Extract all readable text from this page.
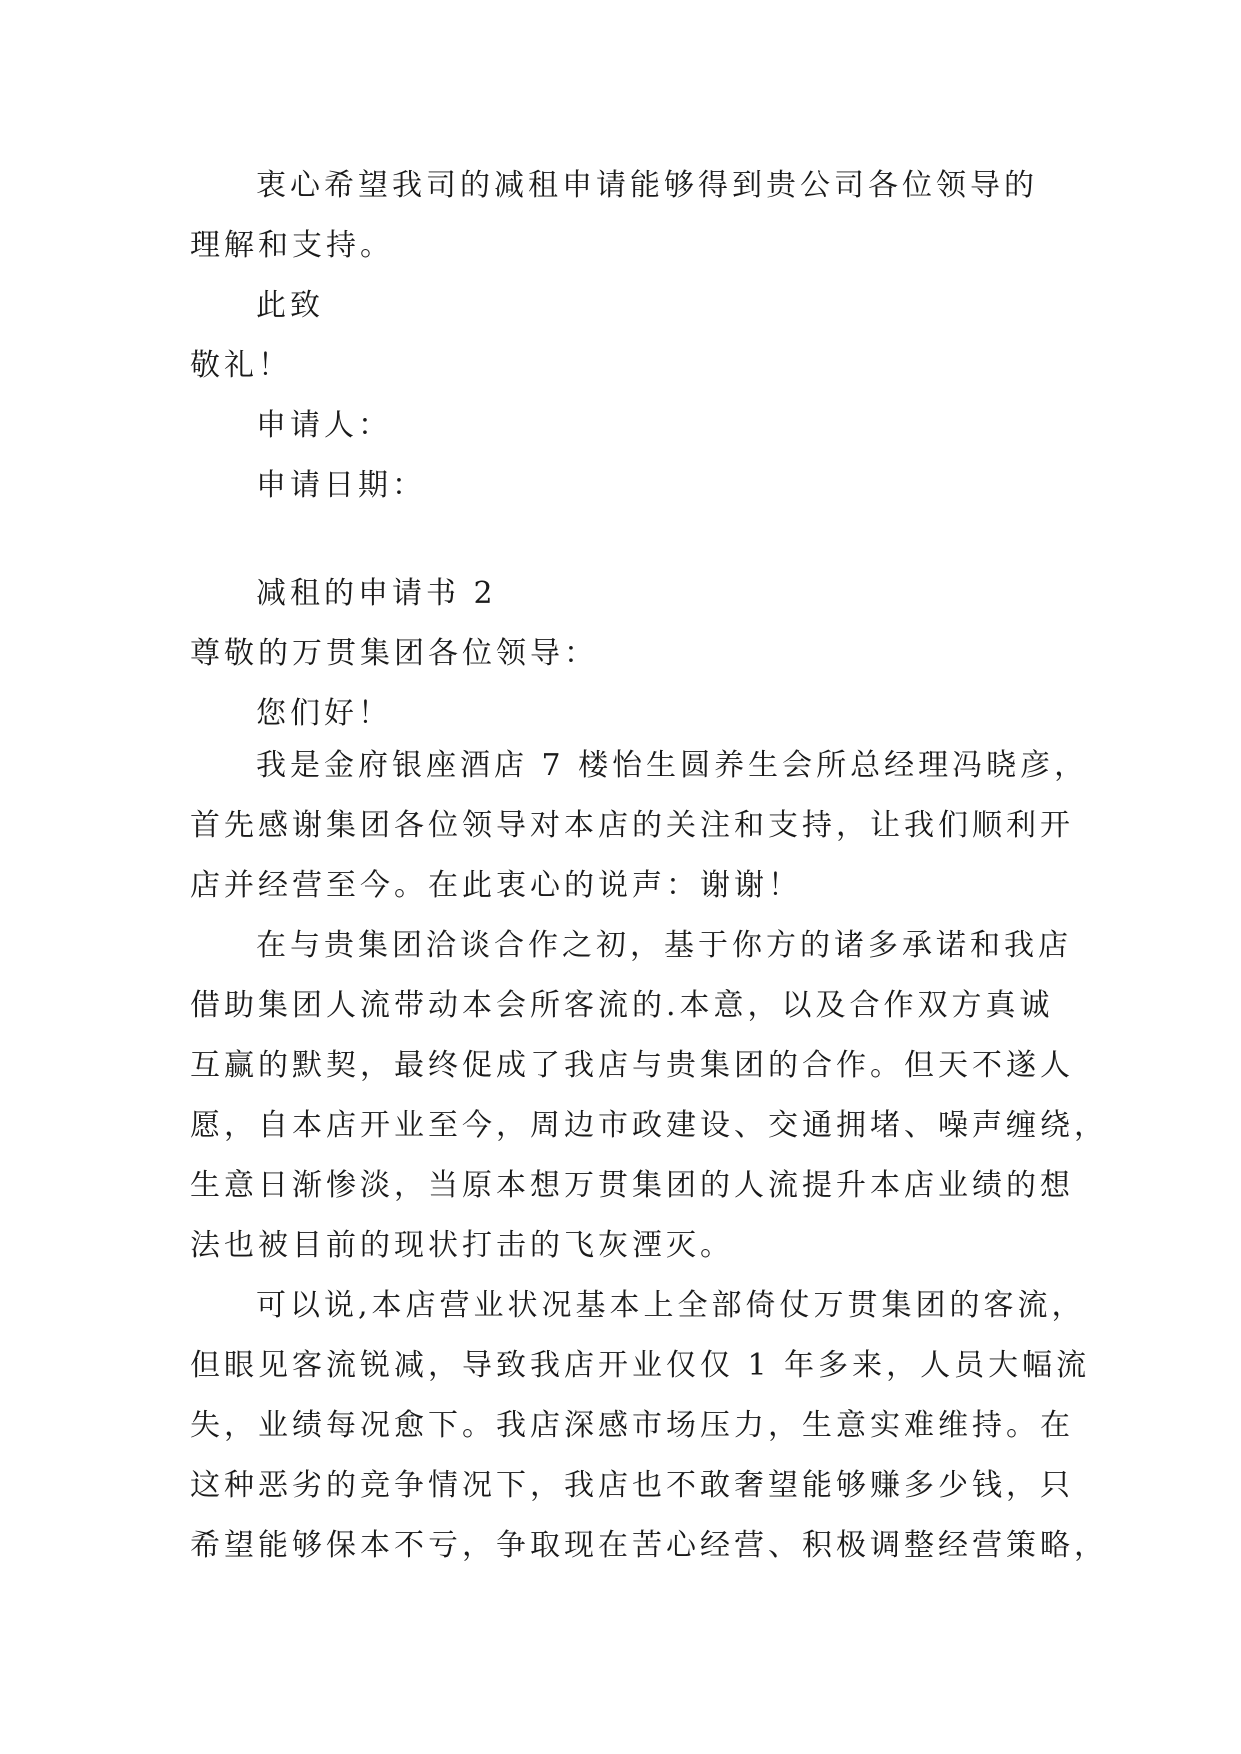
衷心希望我司的减租申请能够得到贵公司各位领导的
理解和支持。
此致
敬礼！
申请人：
申请日期：
减租的申请书 2
尊敬的万贯集团各位领导：
您们好！
我是金府银座酒店 7 楼怡生圆养生会所总经理冯晓彦，
首先感谢集团各位领导对本店的关注和支持，让我们顺利开
店并经营至今。在此衷心的说声：谢谢！
在与贵集团洽谈合作之初，基于你方的诸多承诺和我店
借助集团人流带动本会所客流的.本意，以及合作双方真诚
互赢的默契，最终促成了我店与贵集团的合作。但天不遂人
愿，自本店开业至今，周边市政建设、交通拥堵、噪声缠绕，
生意日渐惨淡，当原本想万贯集团的人流提升本店业绩的想
法也被目前的现状打击的飞灰湮灭。
可以说,本店营业状况基本上全部倚仗万贯集团的客流，
但眼见客流锐减，导致我店开业仅仅 1 年多来，人员大幅流
失，业绩每况愈下。我店深感市场压力，生意实难维持。在
这种恶劣的竞争情况下，我店也不敢奢望能够赚多少钱，只
希望能够保本不亏，争取现在苦心经营、积极调整经营策略，
